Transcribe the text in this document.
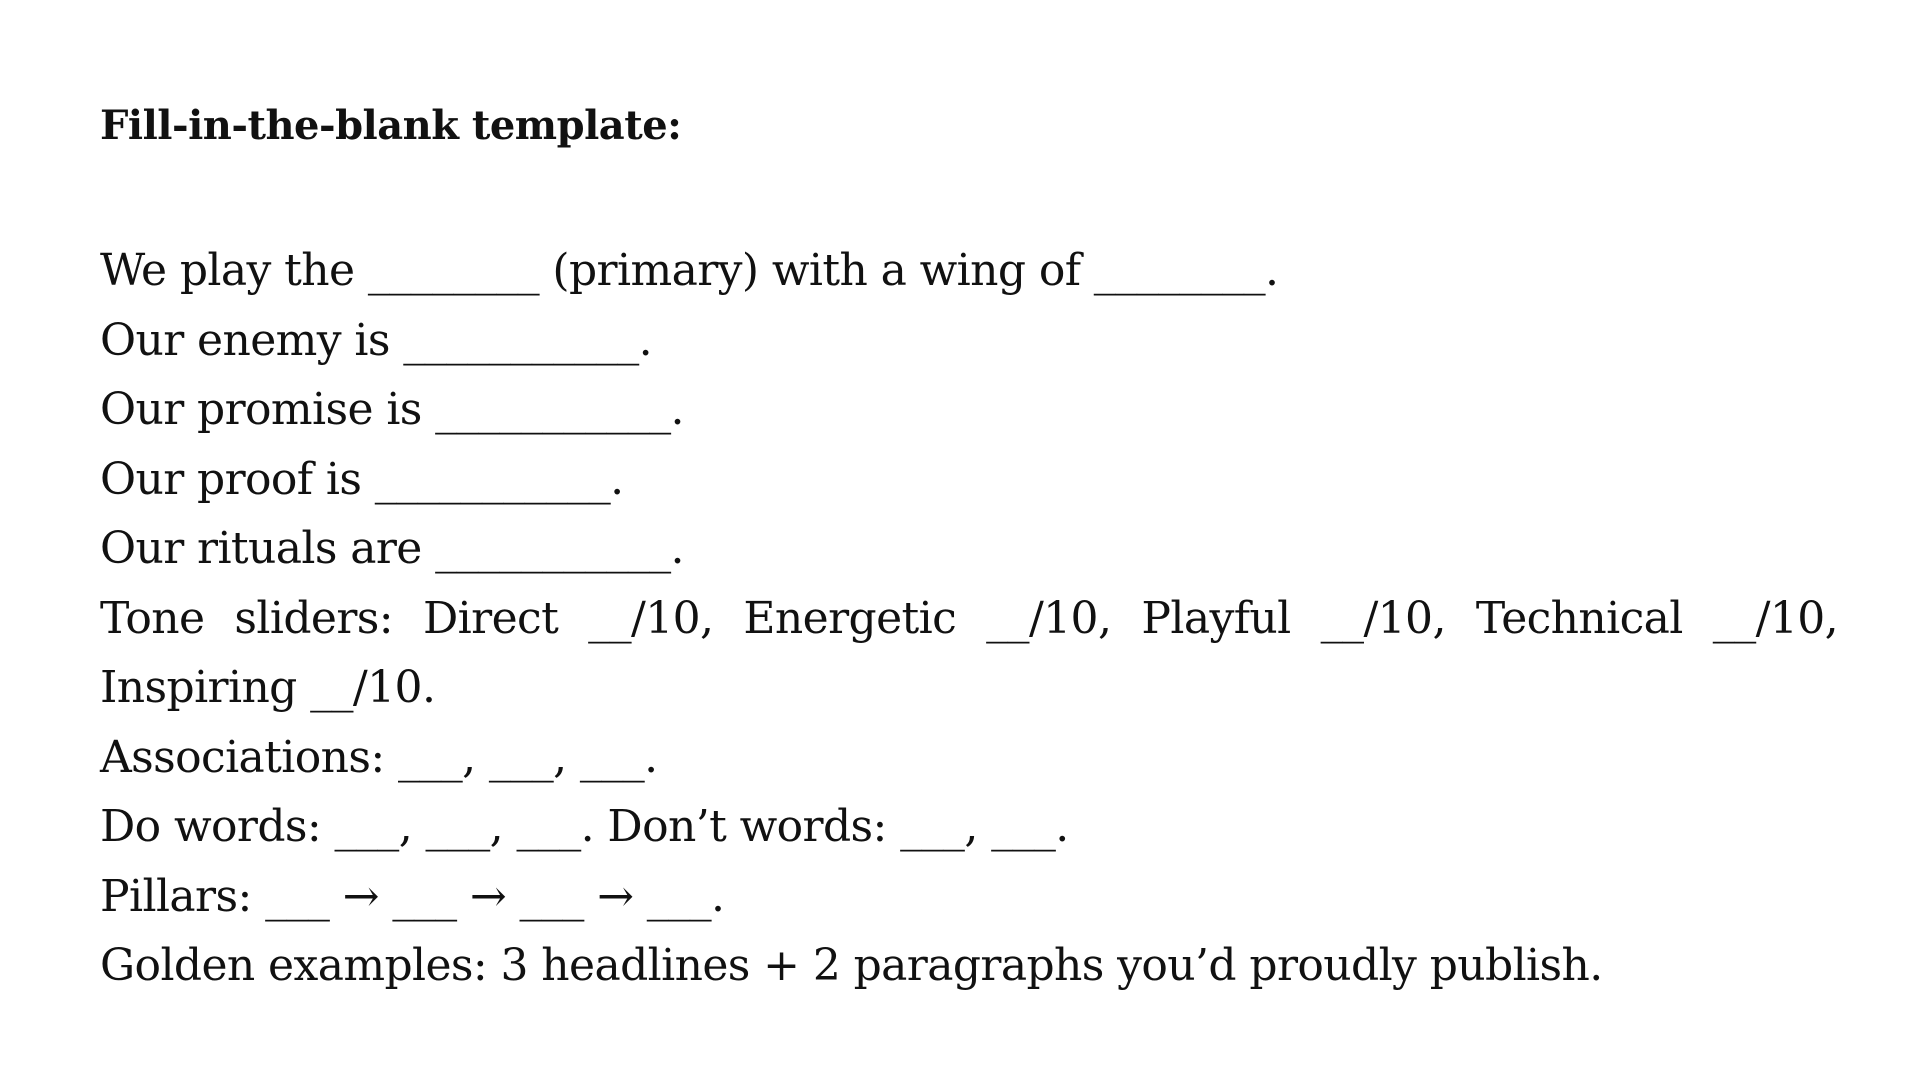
Fill-in-the-blank template:
We play the ________ (primary) with a wing of ________.
Our enemy is ___________.
Our promise is ___________.
Our proof is ___________.
Our rituals are ___________.
Tone sliders: Direct __/10, Energetic __/10, Playful __/10, Technical __/10, Inspiring __/10.
Associations: ___, ___, ___.
Do words: ___, ___, ___. Don’t words: ___, ___.
Pillars: ___ → ___ → ___ → ___.
Golden examples: 3 headlines + 2 paragraphs you’d proudly publish.
